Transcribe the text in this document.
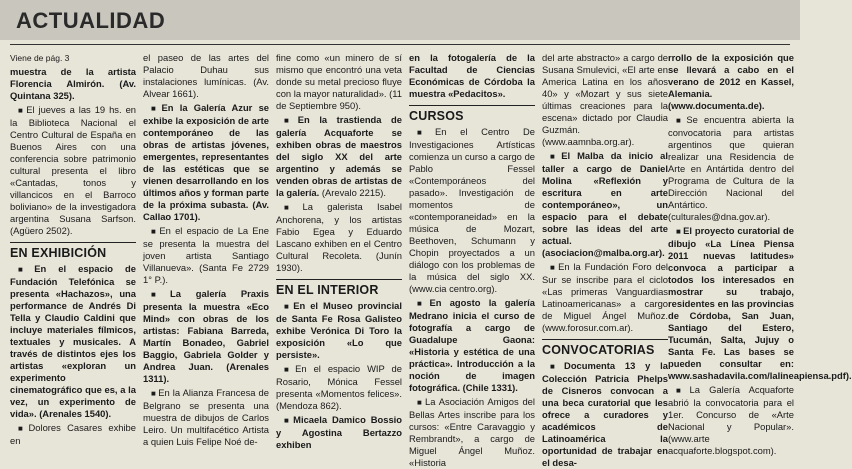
ACTUALIDAD

Viene de pág. 3

muestra de la artista Florencia Almirón. (Av. Quintana 325).

■ El jueves a las 19 hs. en la Biblioteca Nacional el Centro Cultural de España en Buenos Aires con una conferencia sobre patrimonio cultural presenta el libro «Cantadas, tonos y villancicos en el Barroco boliviano» de la investigadora argentina Susana Sarfson. (Agüero 2502).

EN EXHIBICIÓN

■ En el espacio de Fundación Telefónica se presenta «Hachazos», una performance de Andrés Di Tella y Claudio Caldini que incluye materiales fílmicos, textuales y musicales. A través de distintos ejes los artistas «exploran un experimento cinematográfico que es, a la vez, un experimento de vida». (Arenales 1540).

■ Dolores Casares exhibe en

el paseo de las artes del Palacio Duhau sus instalaciones lumínicas. (Av. Alvear 1661).

■ En la Galería Azur se exhibe la exposición de arte contemporáneo de las obras de artistas jóvenes, emergentes, representantes de las estéticas que se vienen desarrollando en los últimos años y forman parte de la próxima subasta. (Av. Callao 1701).

■ En el espacio de La Ene se presenta la muestra del joven artista Santiago Villanueva». (Santa Fe 2729 1° P.).

■ La galería Praxis presenta la muestra «Eco Mind» con obras de los artistas: Fabiana Barreda, Martín Bonadeo, Gabriel Baggio, Gabriela Golder y Andrea Juan. (Arenales 1311).

■ En la Alianza Francesa de Belgrano se presenta una muestra de dibujos de Carlos Leiro. Un multifacético Artista a quien Luis Felipe Noé de-

fine como «un minero de sí mismo que encontró una veta donde su metal precioso fluye con la mayor naturalidad». (11 de Septiembre 950).

■ En la trastienda de galería Acquaforte se exhiben obras de maestros del siglo XX del arte argentino y además se venden obras de artistas de la galería. (Arevalo 2215).

■ La galerista Isabel Anchorena, y los artistas Fabio Egea y Eduardo Lascano exhiben en el Centro Cultural Recoleta. (Junín 1930).

EN EL INTERIOR

■ En el Museo provincial de Santa Fe Rosa Galisteo exhibe Verónica Di Toro la exposición «Lo que persiste».

■ En el espacio WIP de Rosario, Mónica Fessel presenta «Momentos felices». (Mendoza 862).

■ Micaela Damico Bossio y Agostina Bertazzo exhiben

en la fotogalería de la Facultad de Ciencias Económicas de Córdoba la muestra «Pedacitos».

CURSOS

■ En el Centro De Investigaciones Artísticas comienza un curso a cargo de Pablo Fessel «Contemporáneos del pasado». Investigación de momentos de «contemporaneidad» en la música de Mozart, Beethoven, Schumann y Chopin proyectados a un diálogo con los problemas de la música del siglo XX. (www.cia centro.org).

■ En agosto la galería Medrano inicia el curso de fotografía a cargo de Guadalupe Gaona: «Historia y estética de una práctica». Introducción a la noción de imagen fotográfica. (Chile 1331).

■ La Asociación Amigos del Bellas Artes inscribe para los cursos: «Entre Caravaggio y Rembrandt», a cargo de Miguel Ángel Muñoz. «Historia

del arte abstracto» a cargo de Susana Smulevici, «El arte en America Latina en los años 40» y «Mozart y sus siete últimas creaciones para la escena» dictado por Claudia Guzmán. (www.aamnba.org.ar).

■ El Malba da inicio al taller a cargo de Daniel Molina «Reflexión y escritura en arte contemporáneo», un espacio para el debate sobre las ideas del arte actual. (asociacion@malba.org.ar).

■ En la Fundación Foro del Sur se inscribe para el ciclo «Las primeras Vanguardias Latinoamericanas» a cargo de Miguel Ángel Muñoz. (www.forosur.com.ar).

CONVOCATORIAS

■ Documenta 13 y la Colección Patricia Phelps de Cisneros convocan a una beca curatorial que les ofrece a curadores y académicos de Latinoamérica la oportunidad de trabajar en el desa-

rrollo de la exposición que se llevará a cabo en el verano de 2012 en Kassel, Alemania. (www.documenta.de).

■ Se encuentra abierta la convocatoria para artistas argentinos que quieran realizar una Residencia de Arte en Antártida dentro del Programa de Cultura de la Dirección Nacional del Antártico. (culturales@dna.gov.ar).

■ El proyecto curatorial de dibujo «La Línea Piensa 2011 nuevas latitudes» convoca a participar a todos los interesados en mostrar su trabajo, residentes en las provincias de Córdoba, San Juan, Santiago del Estero, Tucumán, Salta, Jujuy o Santa Fe. Las bases se pueden consultar en: www.sashadavila.com/lalineapiensa.pdf).

■ La Galería Acquaforte abrió la convocatoria para el 1er. Concurso de «Arte Nacional y Popular». (www.arte acquaforte.blogspot.com).
